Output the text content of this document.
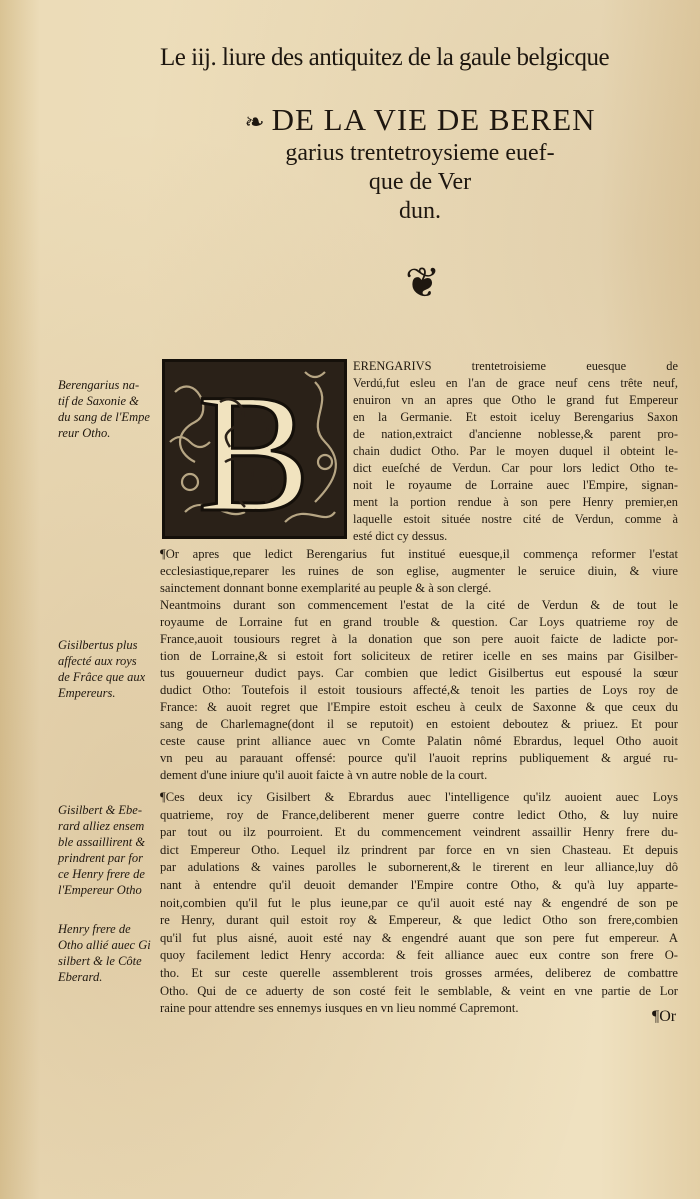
Le iij. liure des antiquitez de la gaule belgicque
❧ DE LA VIE DE BEREN
garius trentetroysieme euef-
que de Ver
dun.
❦
B	ERENGARIVS trentetroisieme euesque de
Verdú,fut esleu en l'an de grace neuf cens trête neuf,
enuiron vn an apres que Otho le grand fut Empereur
en la Germanie. Et estoit iceluy Berengarius Saxon
de nation,extraict d'ancienne noblesse,& parent pro-
chain dudict Otho. Par le moyen duquel il obteint le-
dict eueſché de Verdun. Car pour lors ledict Otho te-
noit le royaume de Lorraine auec l'Empire, signan-
ment la portion rendue à son pere Henry premier,en
laquelle estoit située nostre cité de Verdun, comme à
esté dict cy dessus.
¶Or apres que ledict Berengarius fut institué euesque,il commença reformer l'estat
ecclesiastique,reparer les ruines de son eglise, augmenter le seruice diuin, & viure
sainctement donnant bonne exemplarité au peuple & à son clergé.
Neantmoins durant son commencement l'estat de la cité de Verdun & de tout le
royaume de Lorraine fut en grand trouble & question. Car Loys quatrieme roy de
France,auoit tousiours regret à la donation que son pere auoit faicte de ladicte por-
tion de Lorraine,& si estoit fort soliciteux de retirer icelle en ses mains par Gisilber-
tus gouuerneur dudict pays. Car combien que ledict Gisilbertus eut espousé la sœur
dudict Otho: Toutefois il estoit tousiours affecté,& tenoit les parties de Loys roy de
France: & auoit regret que l'Empire estoit escheu à ceulx de Saxonne & que ceux du
sang de Charlemagne(dont il se reputoit) en estoient deboutez & priuez. Et pour
ceste cause print alliance auec vn Comte Palatin nômé Ebrardus, lequel Otho auoit
vn peu au parauant offensé: pource qu'il l'auoit reprins publiquement & argué ru-
dement d'une iniure qu'il auoit faicte à vn autre noble de la court.
¶Ces deux icy Gisilbert & Ebrardus auec l'intelligence qu'ilz auoient auec Loys
quatrieme, roy de France,deliberent mener guerre contre ledict Otho, & luy nuire
par tout ou ilz pourroient. Et du commencement veindrent assaillir Henry frere du-
dict Empereur Otho. Lequel ilz prindrent par force en vn sien Chasteau. Et depuis
par adulations & vaines parolles le subornerent,& le tirerent en leur alliance,luy dô
nant à entendre qu'il deuoit demander l'Empire contre Otho, & qu'à luy apparte-
noit,combien qu'il fut le plus ieune,par ce qu'il auoit esté nay & engendré de son pe
re Henry, durant quil estoit roy & Empereur, & que ledict Otho son frere,combien
qu'il fut plus aisné, auoit esté nay & engendré auant que son pere fut empereur. A
quoy facilement ledict Henry accorda: & feit alliance auec eux contre son frere O-
tho. Et sur ceste querelle assemblerent trois grosses armées, deliberez de combattre
Otho. Qui de ce aduerty de son costé feit le semblable, & veint en vne partie de Lor
raine pour attendre ses ennemys iusques en vn lieu nommé Capremont.	¶Or
Berengarius na-
tif de Saxonie &
du sang de l'Empe
reur Otho.
Gisilbertus plus
affecté aux roys
de Frâce que aux
Empereurs.
Gisilbert & Ebe-
rard alliez ensem
ble assaillirent &
prindrent par for
ce Henry frere de
l'Empereur Otho
Henry frere de
Otho allié auec Gi
silbert & le Côte
Eberard.
